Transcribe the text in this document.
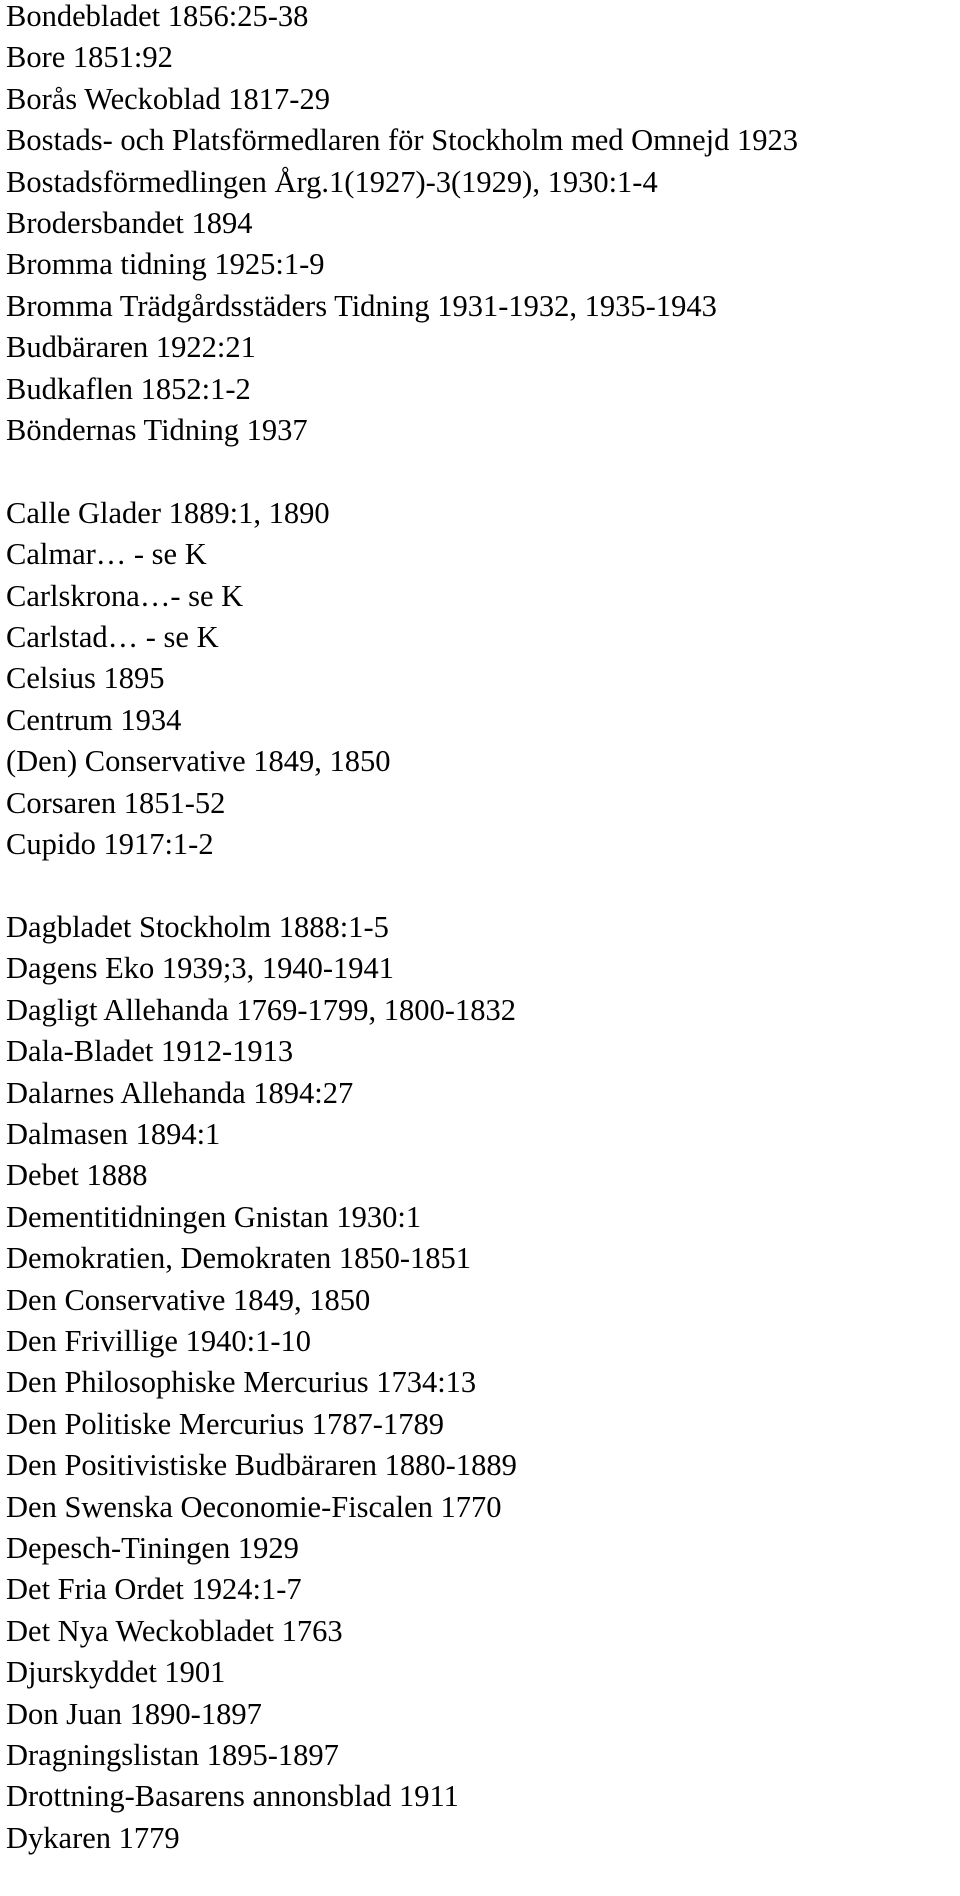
Bondebladet 1856:25-38
Bore 1851:92
Borås Weckoblad 1817-29
Bostads- och Platsförmedlaren för Stockholm med Omnejd 1923
Bostadsförmedlingen Årg.1(1927)-3(1929), 1930:1-4
Brodersbandet 1894
Bromma tidning 1925:1-9
Bromma Trädgårdsstäders Tidning 1931-1932, 1935-1943
Budbäraren 1922:21
Budkaflen 1852:1-2
Böndernas Tidning 1937
Calle Glader 1889:1, 1890
Calmar… - se K
Carlskrona…- se K
Carlstad… - se K
Celsius 1895
Centrum 1934
(Den) Conservative 1849, 1850
Corsaren 1851-52
Cupido 1917:1-2
Dagbladet Stockholm 1888:1-5
Dagens Eko 1939;3, 1940-1941
Dagligt Allehanda 1769-1799, 1800-1832
Dala-Bladet 1912-1913
Dalarnes Allehanda 1894:27
Dalmasen 1894:1
Debet 1888
Dementitidningen Gnistan 1930:1
Demokratien, Demokraten 1850-1851
Den Conservative 1849, 1850
Den Frivillige 1940:1-10
Den Philosophiske Mercurius 1734:13
Den Politiske Mercurius 1787-1789
Den Positivistiske Budbäraren 1880-1889
Den Swenska Oeconomie-Fiscalen 1770
Depesch-Tiningen 1929
Det Fria Ordet 1924:1-7
Det Nya Weckobladet 1763
Djurskyddet 1901
Don Juan 1890-1897
Dragningslistan 1895-1897
Drottning-Basarens annonsblad 1911
Dykaren 1779
